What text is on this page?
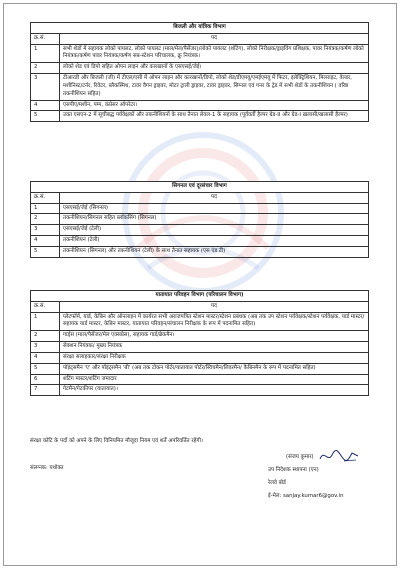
बिजली और यांत्रिक विभाग	
क्र.सं.	पद
1	सभी शेडों में सहायक लोको पायलट, लोको पायलट (माल/मेल/पैसेंजर)/लोको पायलट (शंटिंग), लोको निरीक्षक/ड्राइविंग प्रशिक्षक, पावर नियंत्रक/कर्षण लोको नियंत्रक/कर्षण पावर नियंत्रक/कर्षण सब-स्टेशन परिचालक, क्रू नियंत्रक।
2	लोको शेड एवं डिपो सहित ओपन लाइन और कारखानों के एसएसई/जेई।
3	टीआरडी और बिजली (जी) में टीएल/एसी में ओपन लाइन और कारखानों/डिपो, लोको शेड/डीएमयू/एमईएमयू में फिटर, इलेक्ट्रिशियन, मिलराइट, वेल्डर, मशीनिस्ट/टर्नर, रिवेटर, ब्लैकस्मिथ, टावर वैगन ड्राइवर, मोटर ट्राली ड्राइवर, टावर ड्राइवर, सिग्नल एवं गनर के ट्रेड में सभी शेडों के तकनीशियन ( वरिष्ठ तकनीशियन सहित)
4	एसपीए/मशीन, पम्प, कंप्रेसर ऑपरेटर।
5	उक्त एसएन-2 में सूचीबद्ध पर्यवेक्षकों और तकनीशियनों के साथ तैनात लेवल-1 के सहायक (पूर्ववर्ती हैल्पर ग्रेड-II और ग्रेड-I खलासी/खलासी हैल्पर)
सिगनल एवं दूरसंचार विभाग	
क्र.सं.	पद
1	एसएसई/जेई (सिगनल)
2	तकनीशियन/सिगनल सहित ब्लॉकसिंग (सिगनल)
3	एसएसई/जेई (टेली)
4	तकनीशियन (टेली)
5	तकनीशियन (सिगनल) और तकनीशियन (टेली) के साथ तैनात सहायक (एस एंड टी)
यातायात परिवहन विभाग (परिचालन विभाग)	
क्र.सं.	पद
1	प्लेटफॉर्म, यार्ड, केबिन और ऑनलाइन में कार्यरत सभी अराजपत्रित स्टेशन मास्टर/स्टेशन प्रबंधक (अब तक उप स्टेशन पर्यवेक्षक/स्टेशन पर्यवेक्षक, यार्ड मास्टर/ सहायक यार्ड मास्टर, केबिन मास्टर, यातायात परिवहन/संचालन निरीक्षक के रूप में पदनामित सहित)
2	गार्ड्स (माल/पैसेंजर/मेल एक्सप्रेस), सहायक गार्ड/ब्रेकमैन।
3	सेक्शन नियंत्रक/ मुख्य नियंत्रक
4	संरक्षा सलाहकार/संरक्षा निरीक्षक
5	पॉइंट्समैन 'ए' और पॉइंट्समैन 'बी' (अब तक टोकन पोर्टर/यातायात पोर्टर/स्विचमैन/लिवरमैन/ कैबिनमैन के रूप में पदनामित सहित)
6	शंटिंग मास्टर/शंटिंग जमादार
7	गेटमैन/गेटकीपर (यातायात)।
संरक्षा कोटि के पदों को अपने के लिए विनियमित मौजूदा नियम एवं शर्तें अपरिवर्तित रहेंगी।
संलग्नक: यथोक्त
(संजय कुमार)
उप निदेशक स्थापना (एन)
रेलवे बोर्ड
ई-मेल: sanjay.kumar6@gov.in
